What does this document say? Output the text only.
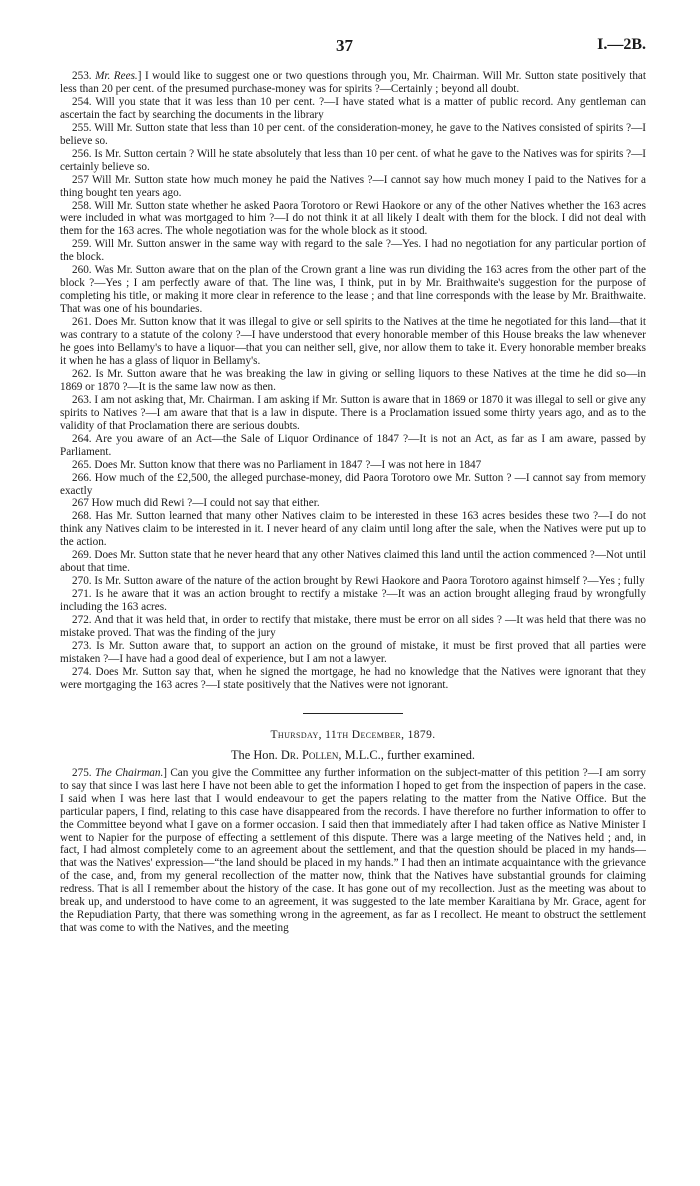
37	I.—2B.

253. Mr. Rees.] I would like to suggest one or two questions through you, Mr. Chairman. Will Mr. Sutton state positively that less than 20 per cent. of the presumed purchase-money was for spirits ?—Certainly ; beyond all doubt.

254. Will you state that it was less than 10 per cent. ?—I have stated what is a matter of public record. Any gentleman can ascertain the fact by searching the documents in the library

255. Will Mr. Sutton state that less than 10 per cent. of the consideration-money, he gave to the Natives consisted of spirits ?—I believe so.

256. Is Mr. Sutton certain ? Will he state absolutely that less than 10 per cent. of what he gave to the Natives was for spirits ?—I certainly believe so.

257 Will Mr. Sutton state how much money he paid the Natives ?—I cannot say how much money I paid to the Natives for a thing bought ten years ago.

258. Will Mr. Sutton state whether he asked Paora Torotoro or Rewi Haokore or any of the other Natives whether the 163 acres were included in what was mortgaged to him ?—I do not think it at all likely I dealt with them for the block. I did not deal with them for the 163 acres. The whole negotiation was for the whole block as it stood.

259. Will Mr. Sutton answer in the same way with regard to the sale ?—Yes. I had no negotiation for any particular portion of the block.

260. Was Mr. Sutton aware that on the plan of the Crown grant a line was run dividing the 163 acres from the other part of the block ?—Yes ; I am perfectly aware of that. The line was, I think, put in by Mr. Braithwaite's suggestion for the purpose of completing his title, or making it more clear in reference to the lease ; and that line corresponds with the lease by Mr. Braithwaite. That was one of his boundaries.

261. Does Mr. Sutton know that it was illegal to give or sell spirits to the Natives at the time he negotiated for this land—that it was contrary to a statute of the colony ?—I have understood that every honorable member of this House breaks the law whenever he goes into Bellamy's to have a liquor—that you can neither sell, give, nor allow them to take it. Every honorable member breaks it when he has a glass of liquor in Bellamy's.

262. Is Mr. Sutton aware that he was breaking the law in giving or selling liquors to these Natives at the time he did so—in 1869 or 1870 ?—It is the same law now as then.

263. I am not asking that, Mr. Chairman. I am asking if Mr. Sutton is aware that in 1869 or 1870 it was illegal to sell or give any spirits to Natives ?—I am aware that that is a law in dispute. There is a Proclamation issued some thirty years ago, and as to the validity of that Proclamation there are serious doubts.

264. Are you aware of an Act—the Sale of Liquor Ordinance of 1847 ?—It is not an Act, as far as I am aware, passed by Parliament.

265. Does Mr. Sutton know that there was no Parliament in 1847 ?—I was not here in 1847

266. How much of the £2,500, the alleged purchase-money, did Paora Torotoro owe Mr. Sutton ? —I cannot say from memory exactly

267 How much did Rewi ?—I could not say that either.

268. Has Mr. Sutton learned that many other Natives claim to be interested in these 163 acres besides these two ?—I do not think any Natives claim to be interested in it. I never heard of any claim until long after the sale, when the Natives were put up to the action.

269. Does Mr. Sutton state that he never heard that any other Natives claimed this land until the action commenced ?—Not until about that time.

270. Is Mr. Sutton aware of the nature of the action brought by Rewi Haokore and Paora Torotoro against himself ?—Yes ; fully

271. Is he aware that it was an action brought to rectify a mistake ?—It was an action brought alleging fraud by wrongfully including the 163 acres.

272. And that it was held that, in order to rectify that mistake, there must be error on all sides ? —It was held that there was no mistake proved. That was the finding of the jury

273. Is Mr. Sutton aware that, to support an action on the ground of mistake, it must be first proved that all parties were mistaken ?—I have had a good deal of experience, but I am not a lawyer.

274. Does Mr. Sutton say that, when he signed the mortgage, he had no knowledge that the Natives were ignorant that they were mortgaging the 163 acres ?—I state positively that the Natives were not ignorant.

Thursday, 11th December, 1879.
The Hon. Dr. Pollen, M.L.C., further examined.

275. The Chairman.] Can you give the Committee any further information on the subject-matter of this petition ?—I am sorry to say that since I was last here I have not been able to get the information I hoped to get from the inspection of papers in the case. I said when I was here last that I would endeavour to get the papers relating to the matter from the Native Office. But the particular papers, I find, relating to this case have disappeared from the records. I have therefore no further information to offer to the Committee beyond what I gave on a former occasion. I said then that immediately after I had taken office as Native Minister I went to Napier for the purpose of effecting a settlement of this dispute. There was a large meeting of the Natives held ; and, in fact, I had almost completely come to an agreement about the settlement, and that the question should be placed in my hands—that was the Natives' expression—“the land should be placed in my hands.” I had then an intimate acquaintance with the grievance of the case, and, from my general recollection of the matter now, think that the Natives have substantial grounds for claiming redress. That is all I remember about the history of the case. It has gone out of my recollection. Just as the meeting was about to break up, and understood to have come to an agreement, it was suggested to the late member Karaitiana by Mr. Grace, agent for the Repudiation Party, that there was something wrong in the agreement, as far as I recollect. He meant to obstruct the settlement that was come to with the Natives, and the meeting
